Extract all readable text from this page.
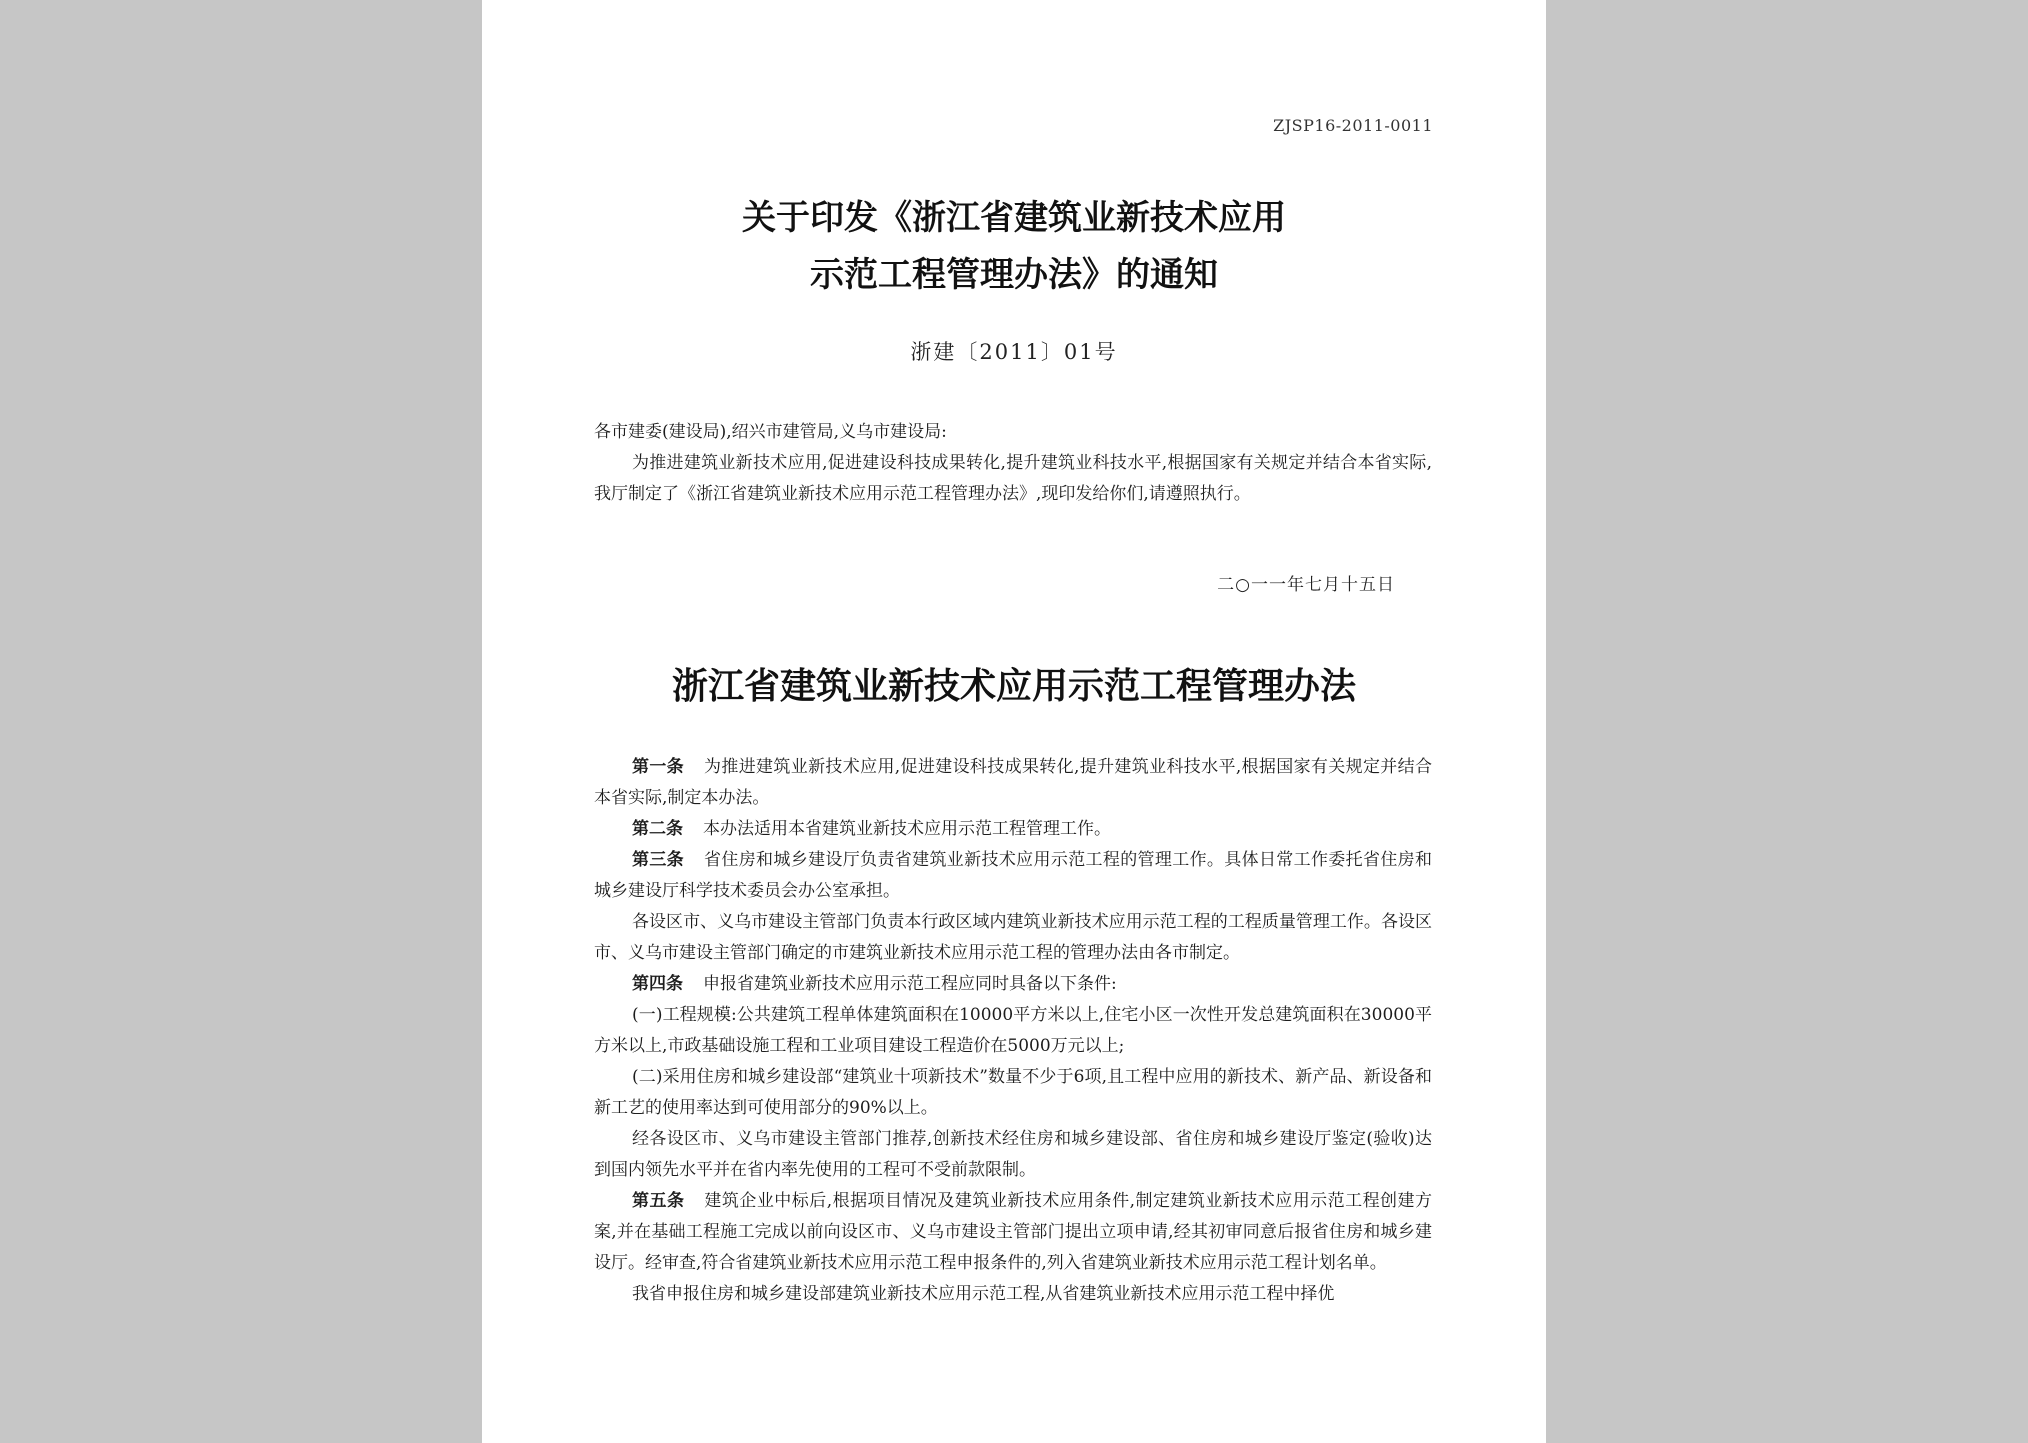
ZJSP16-2011-0011
关于印发《浙江省建筑业新技术应用
示范工程管理办法》的通知
浙建〔2011〕01号
各市建委(建设局),绍兴市建管局,义乌市建设局:
为推进建筑业新技术应用,促进建设科技成果转化,提升建筑业科技水平,根据国家有关规定并结合本省实际,我厅制定了《浙江省建筑业新技术应用示范工程管理办法》,现印发给你们,请遵照执行。
二○一一年七月十五日
浙江省建筑业新技术应用示范工程管理办法

第一条 为推进建筑业新技术应用,促进建设科技成果转化,提升建筑业科技水平,根据国家有关规定并结合本省实际,制定本办法。

第二条 本办法适用本省建筑业新技术应用示范工程管理工作。

第三条 省住房和城乡建设厅负责省建筑业新技术应用示范工程的管理工作。具体日常工作委托省住房和城乡建设厅科学技术委员会办公室承担。

各设区市、义乌市建设主管部门负责本行政区域内建筑业新技术应用示范工程的工程质量管理工作。各设区市、义乌市建设主管部门确定的市建筑业新技术应用示范工程的管理办法由各市制定。

第四条 申报省建筑业新技术应用示范工程应同时具备以下条件:

(一)工程规模:公共建筑工程单体建筑面积在10000平方米以上,住宅小区一次性开发总建筑面积在30000平方米以上,市政基础设施工程和工业项目建设工程造价在5000万元以上;

(二)采用住房和城乡建设部“建筑业十项新技术”数量不少于6项,且工程中应用的新技术、新产品、新设备和新工艺的使用率达到可使用部分的90%以上。

经各设区市、义乌市建设主管部门推荐,创新技术经住房和城乡建设部、省住房和城乡建设厅鉴定(验收)达到国内领先水平并在省内率先使用的工程可不受前款限制。

第五条 建筑企业中标后,根据项目情况及建筑业新技术应用条件,制定建筑业新技术应用示范工程创建方案,并在基础工程施工完成以前向设区市、义乌市建设主管部门提出立项申请,经其初审同意后报省住房和城乡建设厅。经审查,符合省建筑业新技术应用示范工程申报条件的,列入省建筑业新技术应用示范工程计划名单。

我省申报住房和城乡建设部建筑业新技术应用示范工程,从省建筑业新技术应用示范工程中择优
